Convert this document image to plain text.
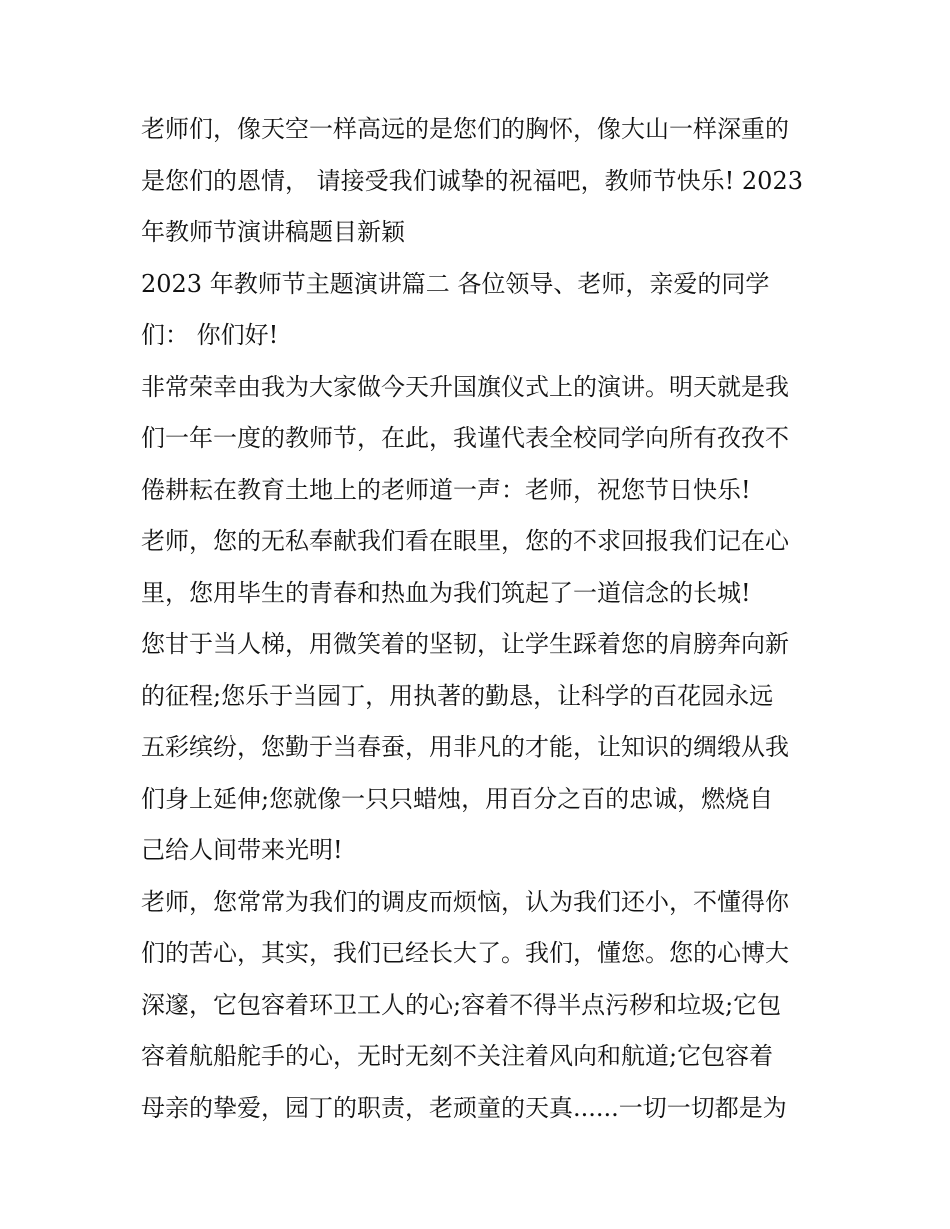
老师们，像天空一样高远的是您们的胸怀，像大山一样深重的
是您们的恩情， 请接受我们诚挚的祝福吧，教师节快乐! 2023
年教师节演讲稿题目新颖
2023 年教师节主题演讲篇二 各位领导、老师，亲爱的同学
们： 你们好!
非常荣幸由我为大家做今天升国旗仪式上的演讲。明天就是我
们一年一度的教师节，在此，我谨代表全校同学向所有孜孜不
倦耕耘在教育土地上的老师道一声：老师，祝您节日快乐!
老师，您的无私奉献我们看在眼里，您的不求回报我们记在心
里，您用毕生的青春和热血为我们筑起了一道信念的长城!
您甘于当人梯，用微笑着的坚韧，让学生踩着您的肩膀奔向新
的征程;您乐于当园丁，用执著的勤恳，让科学的百花园永远
五彩缤纷，您勤于当春蚕，用非凡的才能，让知识的绸缎从我
们身上延伸;您就像一只只蜡烛，用百分之百的忠诚，燃烧自
己给人间带来光明!
老师，您常常为我们的调皮而烦恼，认为我们还小，不懂得你
们的苦心，其实，我们已经长大了。我们，懂您。您的心博大
深邃，它包容着环卫工人的心;容着不得半点污秽和垃圾;它包
容着航船舵手的心，无时无刻不关注着风向和航道;它包容着
母亲的挚爱，园丁的职责，老顽童的天真......一切一切都是为
